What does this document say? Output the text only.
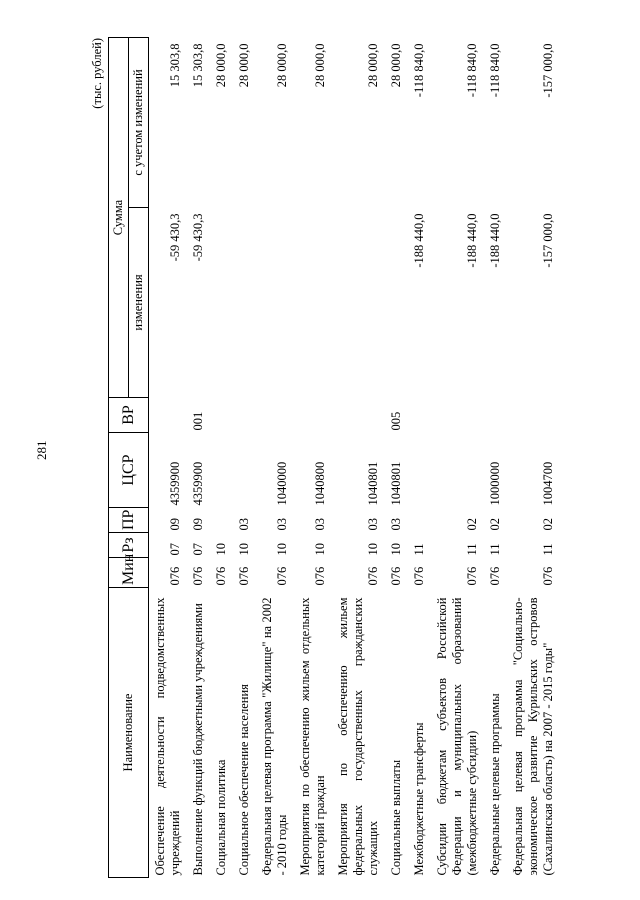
281
(тыс. рублей)
Наименование	Мин	Рз	ПР	ЦСР	ВР	Сумма	
						изменения	с учетом изменений
Обеспечение деятельности подведомственных учреждений	076	07	09	4359900		-59 430,3	15 303,8
Выполнение функций бюджетными учреждениями	076	07	09	4359900	001	-59 430,3	15 303,8
Социальная политика	076	10					28 000,0
Социальное обеспечение населения	076	10	03				28 000,0
Федеральная целевая программа "Жилище" на 2002 - 2010 годы	076	10	03	1040000			28 000,0
Мероприятия по обеспечению жильем отдельных категорий граждан	076	10	03	1040800			28 000,0
Мероприятия по обеспечению жильем федеральных государственных гражданских служащих	076	10	03	1040801			28 000,0
Социальные выплаты	076	10	03	1040801	005		28 000,0
Межбюджетные трансферты	076	11				-188 440,0	-118 840,0
Субсидии бюджетам субъектов Российской Федерации и муниципальных образований (межбюджетные субсидии)	076	11	02			-188 440,0	-118 840,0
Федеральные целевые программы	076	11	02	1000000		-188 440,0	-118 840,0
Федеральная целевая программа "Социально-экономическое развитие Курильских островов (Сахалинская область) на 2007 - 2015 годы"	076	11	02	1004700		-157 000,0	-157 000,0
